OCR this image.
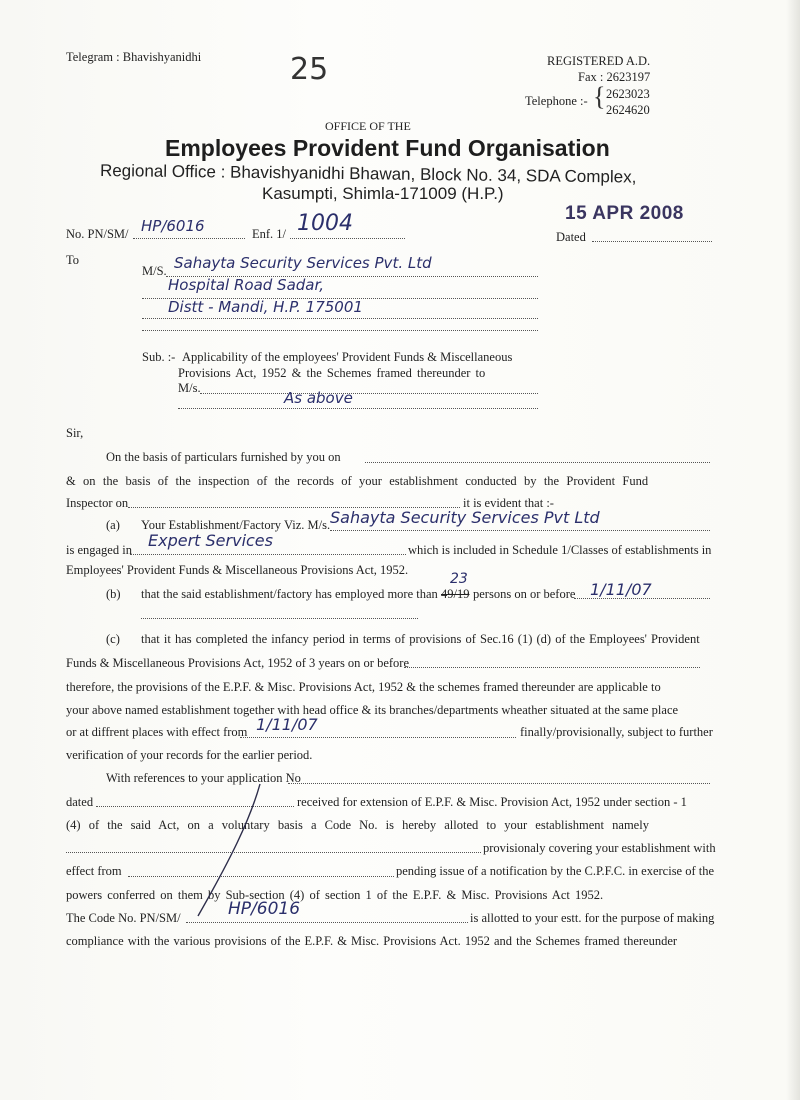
Telegram : Bhavishyanidhi	25	REGISTERED A.D.
Fax : 2623197
Telephone :- { 2623023
2624620
OFFICE OF THE
Employees Provident Fund Organisation
Regional Office : Bhavishyanidhi Bhawan, Block No. 34, SDA Complex,
Kasumpti, Shimla-171009 (H.P.)
No. PN/SM/ HP/6016	Enf. 1/ 1004	15 APR 2008
Dated
To
M/S. Sahayta Security Services Pvt. Ltd
Hospital Road Sadar,
Distt - Mandi, H.P. 175001
Sub. :- Applicability of the employees' Provident Funds & Miscellaneous
Provisions Act, 1952 & the Schemes framed thereunder to
M/s.
As above
Sir,
On the basis of particulars furnished by you on
& on the basis of the inspection of the records of your establishment conducted by the Provident Fund
Inspector on	it is evident that :-
(a) Your Establishment/Factory Viz. M/s. Sahayta Security Services Pvt Ltd
is engaged in Expert Services	which is included in Schedule 1/Classes of establishments in
Employees' Provident Funds & Miscellaneous Provisions Act, 1952.
(b) that the said establishment/factory has employed more than 49/19
23
persons on or before 1/11/07
(c) that it has completed the infancy period in terms of provisions of Sec.16 (1) (d) of the Employees' Provident
Funds & Miscellaneous Provisions Act, 1952 of 3 years on or before
therefore, the provisions of the E.P.F. & Misc. Provisions Act, 1952 & the schemes framed thereunder are applicable to
your above named establishment together with head office & its branches/departments wheather situated at the same place
or at diffrent places with effect from 1/11/07	finally/provisionally, subject to further
verification of your records for the earlier period.
With references to your application No
dated	received for extension of E.P.F. & Misc. Provision Act, 1952 under section - 1
(4) of the said Act, on a voluntary basis a Code No. is hereby alloted to your establishment namely
provisionaly covering your establishment with
effect from	pending issue of a notification by the C.P.F.C. in exercise of the
powers conferred on them by Sub-section (4) of section 1 of the E.P.F. & Misc. Provisions Act 1952.
The Code No. PN/SM/	HP/6016	is allotted to your estt. for the purpose of making
compliance with the various provisions of the E.P.F. & Misc. Provisions Act. 1952 and the Schemes framed thereunder
